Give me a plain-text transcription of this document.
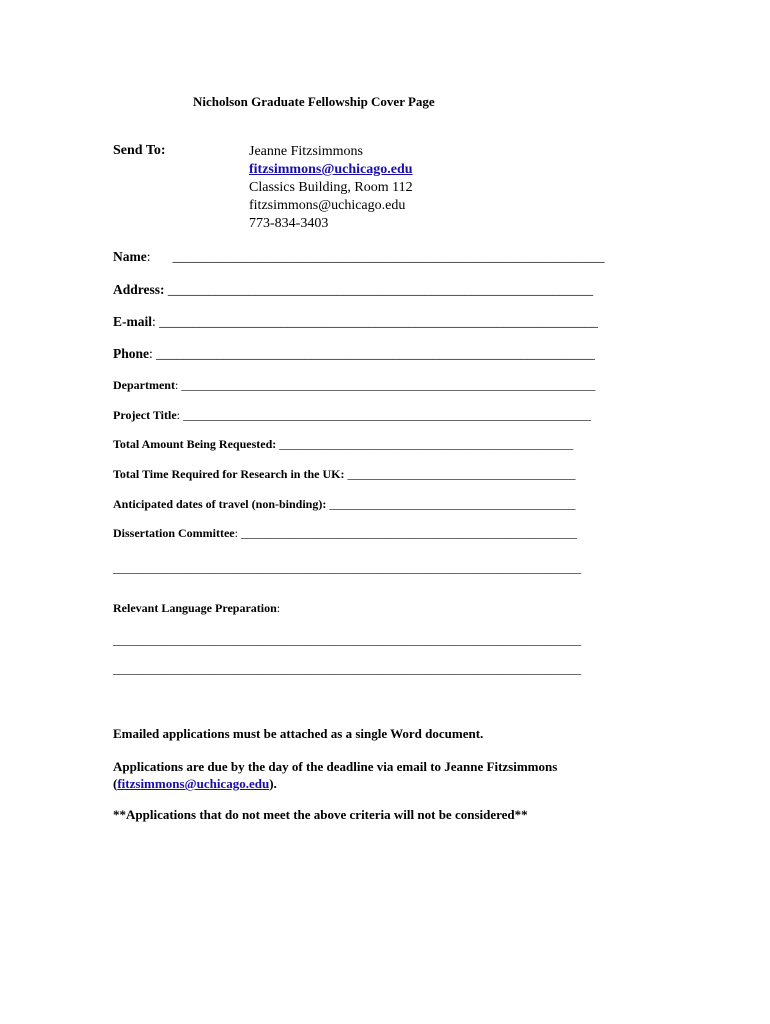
Nicholson Graduate Fellowship Cover Page
Send To:	Jeanne Fitzsimmons
fitzsimmons@uchicago.edu
Classics Building, Room 112
fitzsimmons@uchicago.edu
773-834-3403
Name: ________________________________________________________________
Address: _______________________________________________________________
E-mail: _________________________________________________________________
Phone: _________________________________________________________________
Department: _____________________________________________________________________
Project Title: ____________________________________________________________________
Total Amount Being Requested: _________________________________________________
Total Time Required for Research in the UK: ______________________________________
Anticipated dates of travel (non-binding): _________________________________________
Dissertation Committee: ________________________________________________________
______________________________________________________________________________
Relevant Language Preparation:
______________________________________________________________________________
______________________________________________________________________________
Emailed applications must be attached as a single Word document.
Applications are due by the day of the deadline via email to Jeanne Fitzsimmons
(fitzsimmons@uchicago.edu).
**Applications that do not meet the above criteria will not be considered**
